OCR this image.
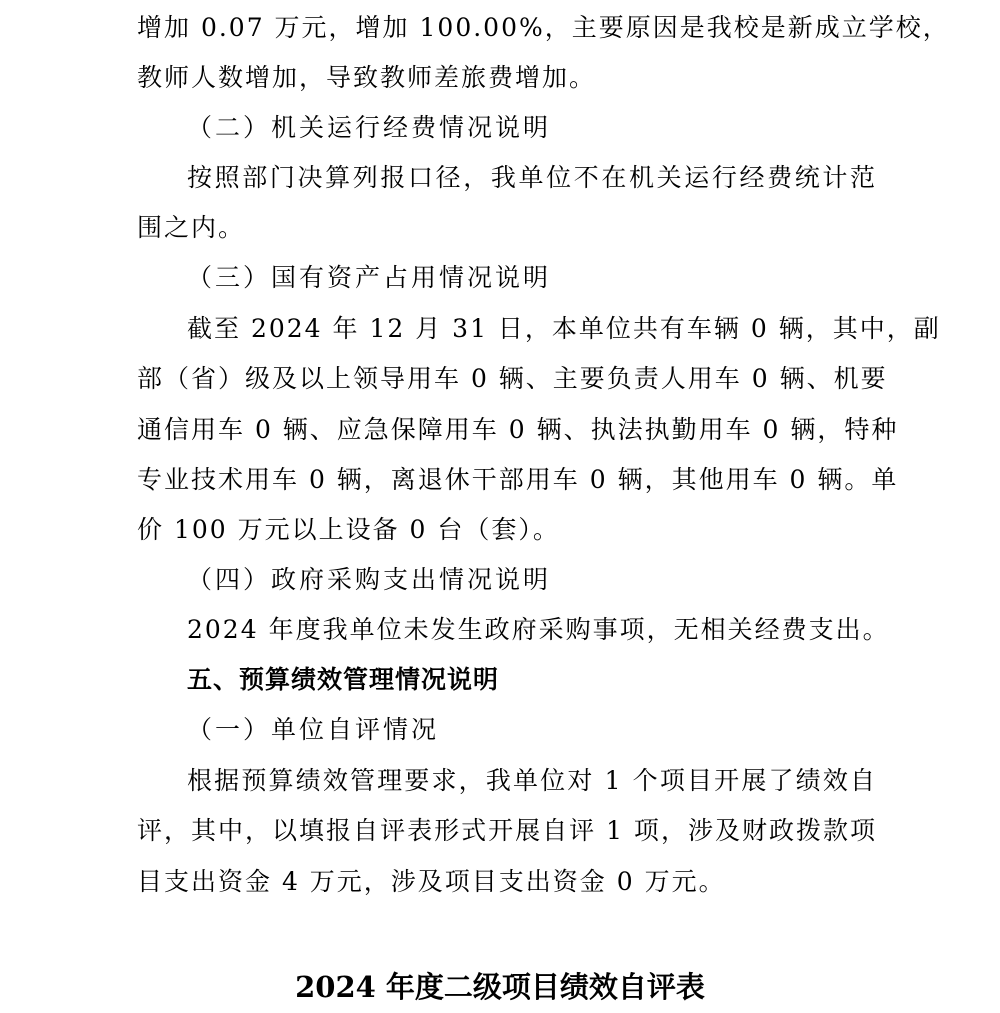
增加 0.07 万元，增加 100.00%，主要原因是我校是新成立学校，
教师人数增加，导致教师差旅费增加。
（二）机关运行经费情况说明
按照部门决算列报口径，我单位不在机关运行经费统计范
围之内。
（三）国有资产占用情况说明
截至 2024 年 12 月 31 日，本单位共有车辆 0 辆，其中，副
部（省）级及以上领导用车 0 辆、主要负责人用车 0 辆、机要
通信用车 0 辆、应急保障用车 0 辆、执法执勤用车 0 辆，特种
专业技术用车 0 辆，离退休干部用车 0 辆，其他用车 0 辆。单
价 100 万元以上设备 0 台（套）。
（四）政府采购支出情况说明
2024 年度我单位未发生政府采购事项，无相关经费支出。
五、预算绩效管理情况说明
（一）单位自评情况
根据预算绩效管理要求，我单位对 1 个项目开展了绩效自
评，其中，以填报自评表形式开展自评 1 项，涉及财政拨款项
目支出资金 4 万元，涉及项目支出资金 0 万元。
2024 年度二级项目绩效自评表
